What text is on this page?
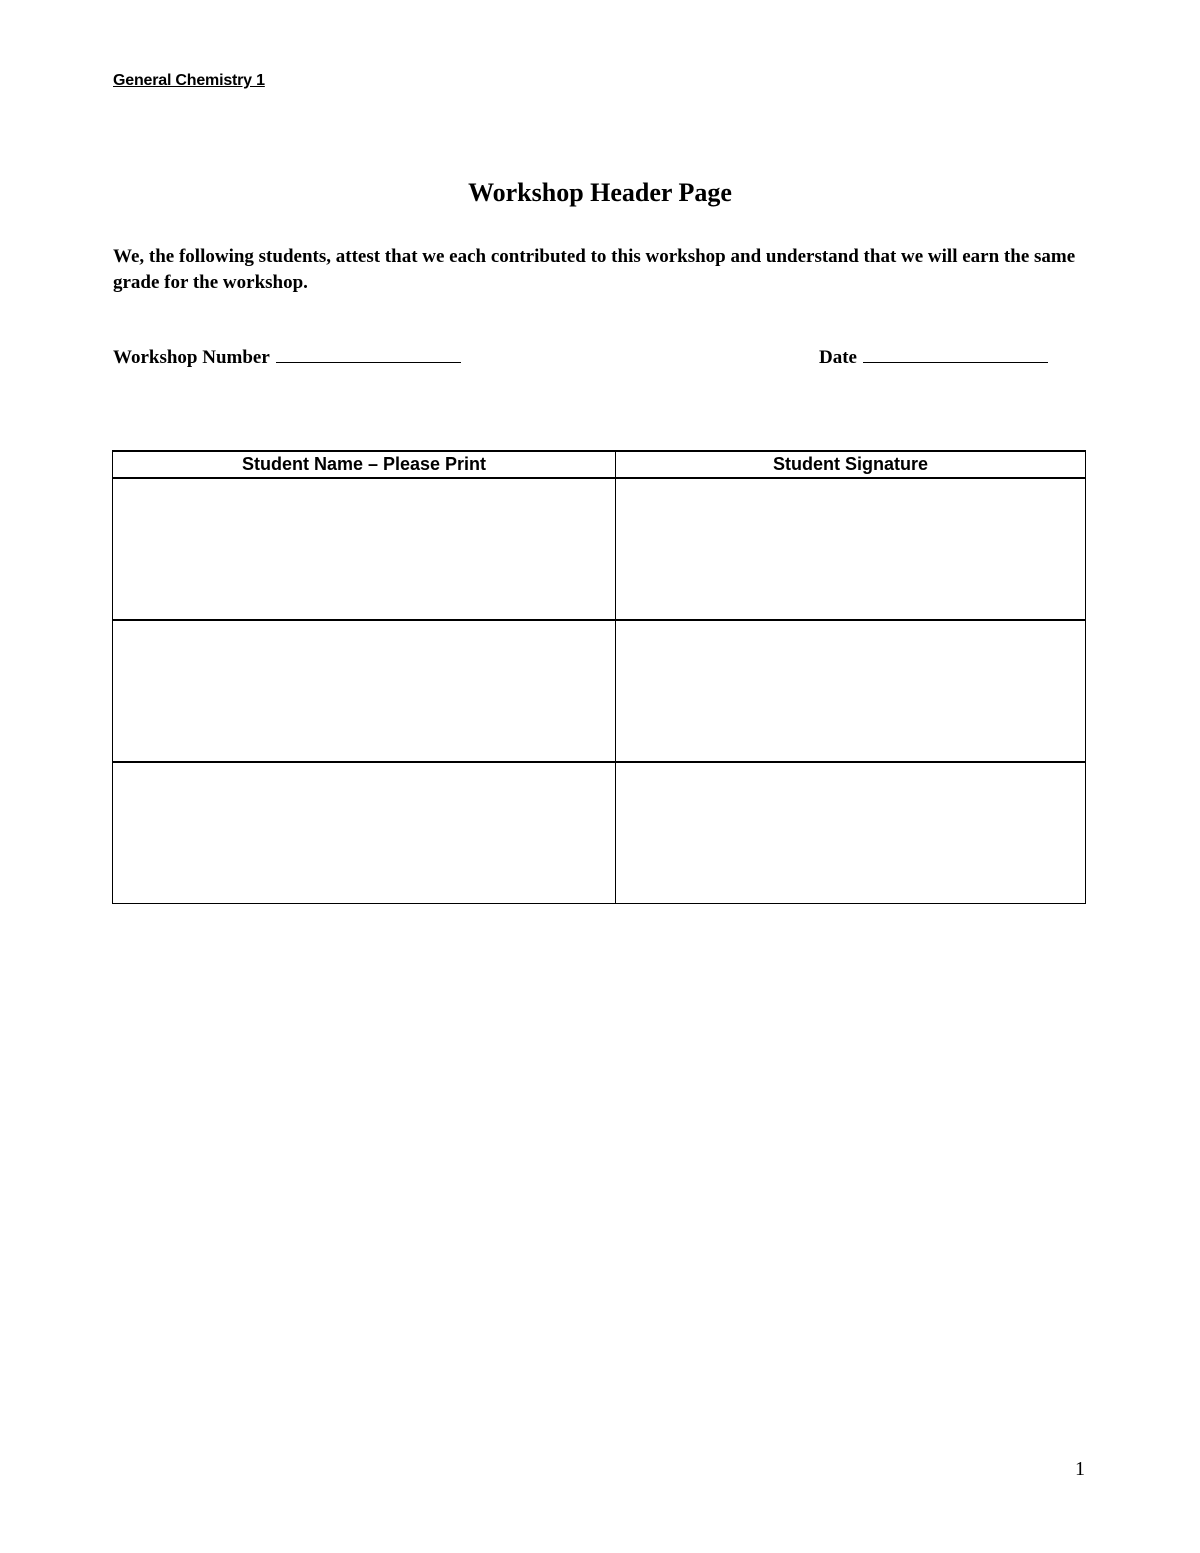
General Chemistry 1
Workshop Header Page
We, the following students, attest that we each contributed to this workshop and understand that we will earn the same grade for the workshop.
Workshop Number	Date
Student Name – Please Print	Student Signature

1
